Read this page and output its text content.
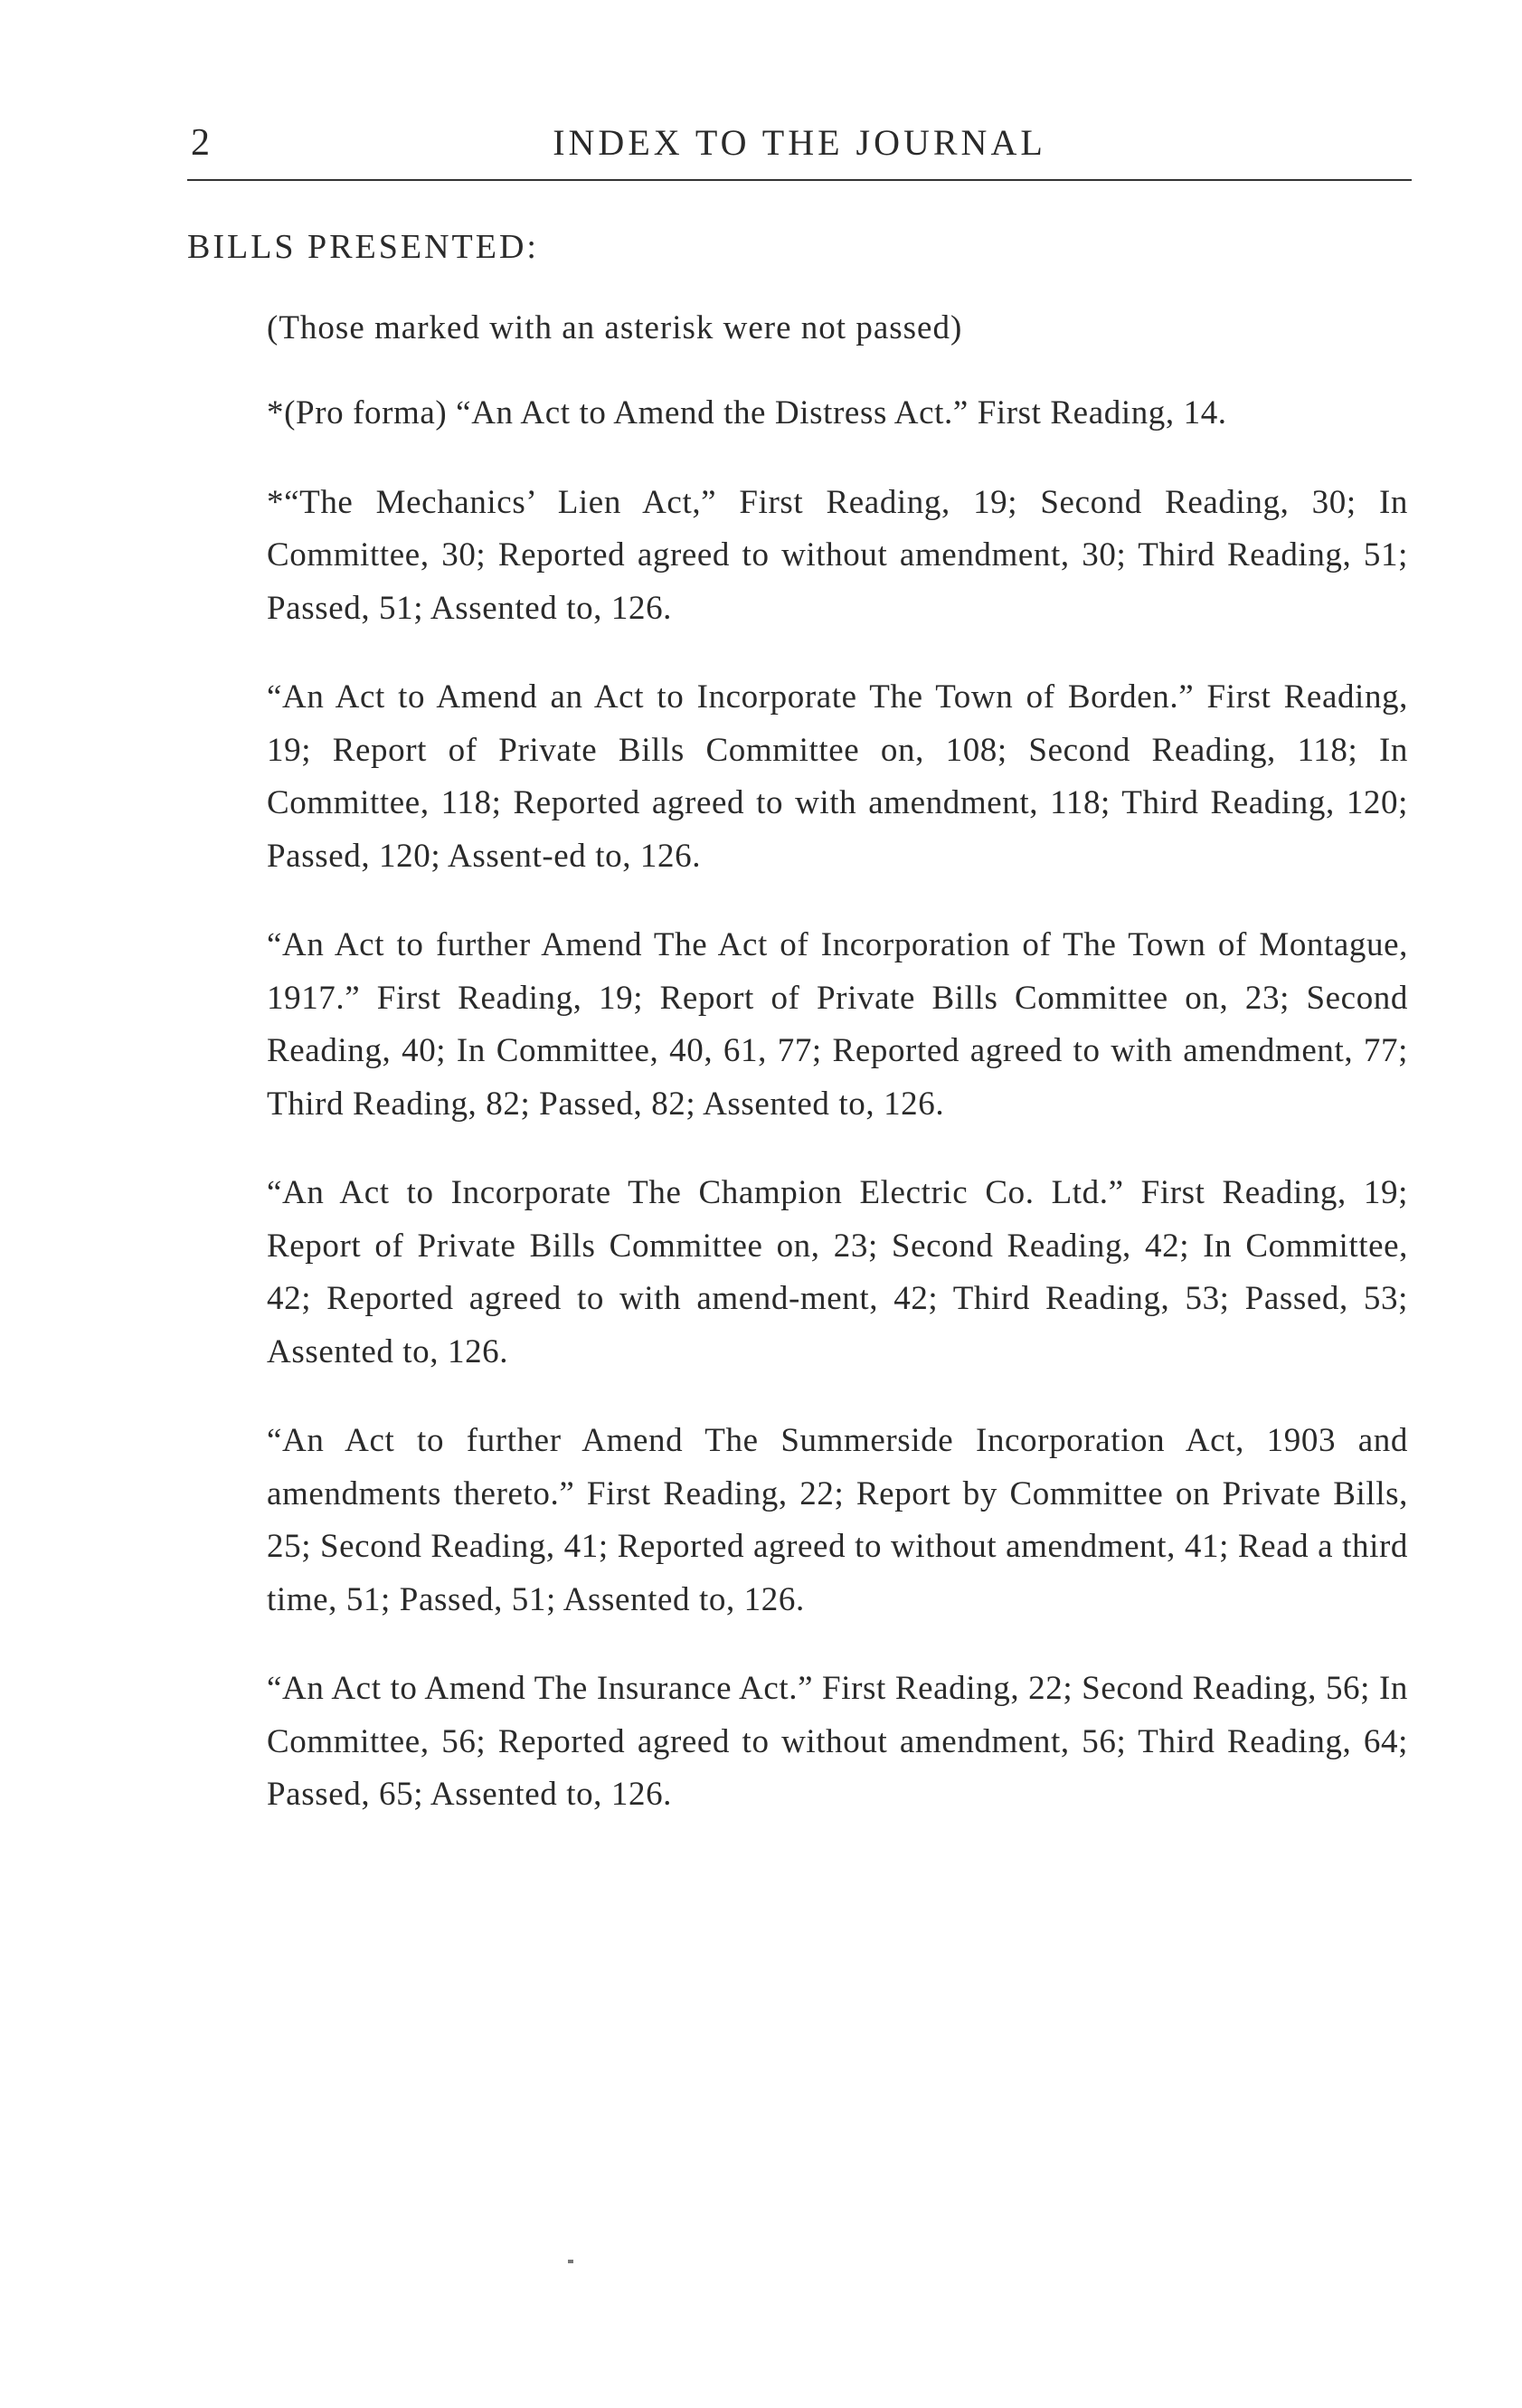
2	INDEX TO THE JOURNAL
BILLS PRESENTED:

(Those marked with an asterisk were not passed)

*(Pro forma) “An Act to Amend the Distress Act.” First Reading, 14.

*“The Mechanics’ Lien Act,” First Reading, 19; Second Reading, 30; In Committee, 30; Reported agreed to without amendment, 30; Third Reading, 51; Passed, 51; Assented to, 126.

“An Act to Amend an Act to Incorporate The Town of Borden.” First Reading, 19; Report of Private Bills Committee on, 108; Second Reading, 118; In Committee, 118; Reported agreed to with amendment, 118; Third Reading, 120; Passed, 120; Assent-ed to, 126.

“An Act to further Amend The Act of Incorporation of The Town of Montague, 1917.” First Reading, 19; Report of Private Bills Committee on, 23; Second Reading, 40; In Committee, 40, 61, 77; Reported agreed to with amendment, 77; Third Reading, 82; Passed, 82; Assented to, 126.

“An Act to Incorporate The Champion Electric Co. Ltd.” First Reading, 19; Report of Private Bills Committee on, 23; Second Reading, 42; In Committee, 42; Reported agreed to with amend-ment, 42; Third Reading, 53; Passed, 53; Assented to, 126.

“An Act to further Amend The Summerside Incorporation Act, 1903 and amendments thereto.” First Reading, 22; Report by Committee on Private Bills, 25; Second Reading, 41; Reported agreed to without amendment, 41; Read a third time, 51; Passed, 51; Assented to, 126.

“An Act to Amend The Insurance Act.” First Reading, 22; Second Reading, 56; In Committee, 56; Reported agreed to without amendment, 56; Third Reading, 64; Passed, 65; Assented to, 126.
